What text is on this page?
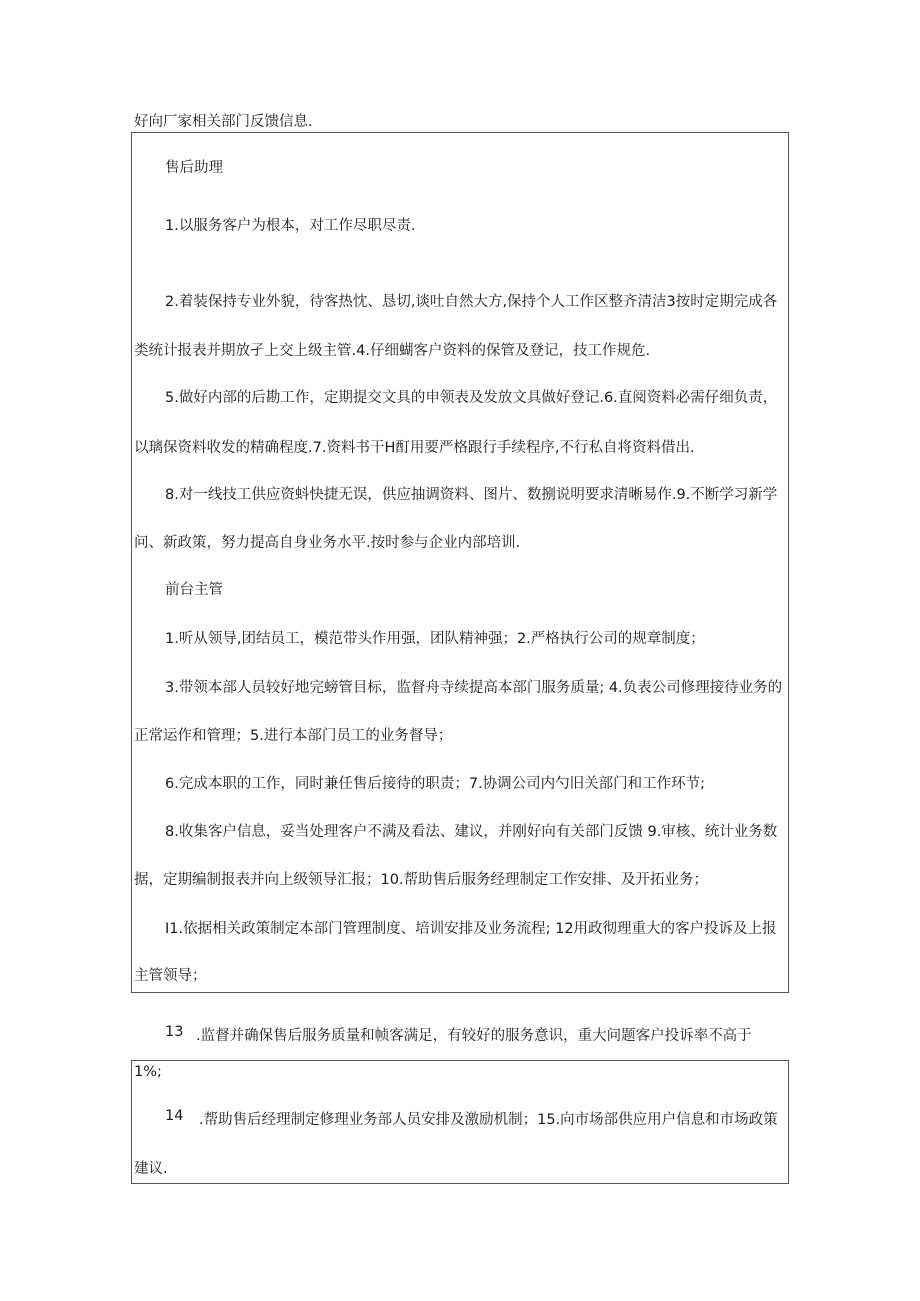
好向厂家相关部门反馈信息.
售后助理
1.以服务客户为根本，对工作尽职尽责.
2.着装保持专业外貌，待客热忱、恳切,谈吐自然大方,保持个人工作区整齐清洁3按时定期完成各
类统计报表并期放孑上交上级主管.4.仔细蝴客户资料的保管及登记，技工作规危.
5.做好内部的后勘工作，定期提交文具的申领表及发放文具做好登记.6.直阅资料必需仔细负责，
以璃保资料收发的精确程度.7.资料书干H酊用要严格跟行手续程序,不行私自将资料借出.
8.对一线技工供应资蚪快捷无误，供应抽调资料、图片、数捌说明要求清晰易作.9.不断学习新学
问、新政策，努力提高自身业务水平.按时参与企业内部培训.
前台主管
1.听从领导,团结员工，模范带头作用强，团队精神强；2.严格执行公司的规章制度；
3.带领本部人员较好地完螃管目标，监督舟寺续提高本部门服务质量; 4.负表公司修理接待业务的
正常运作和管理；5.进行本部门员工的业务督导；
6.完成本职的工作，同时兼任售后接待的职责；7.协调公司内勺旧关部门和工作环节;
8.收集客户信息，妥当处理客户不满及看法、建议，并刚好向有关部门反馈 9.审核、统计业务数
据，定期编制报表并向上级领导汇报；10.帮助售后服务经理制定工作安排、及开拓业务；
I1.依据相关政策制定本部门管理制度、培训安排及业务流程; 12用政彻理重大的客户投诉及上报
主管领导；
13 .监督并确保售后服务质量和帧客满足，有较好的服务意识，重大问题客户投诉率不高于
1%;
14 .帮助售后经理制定修理业务部人员安排及激励机制；15.向市场部供应用户信息和市场政策
建议.
